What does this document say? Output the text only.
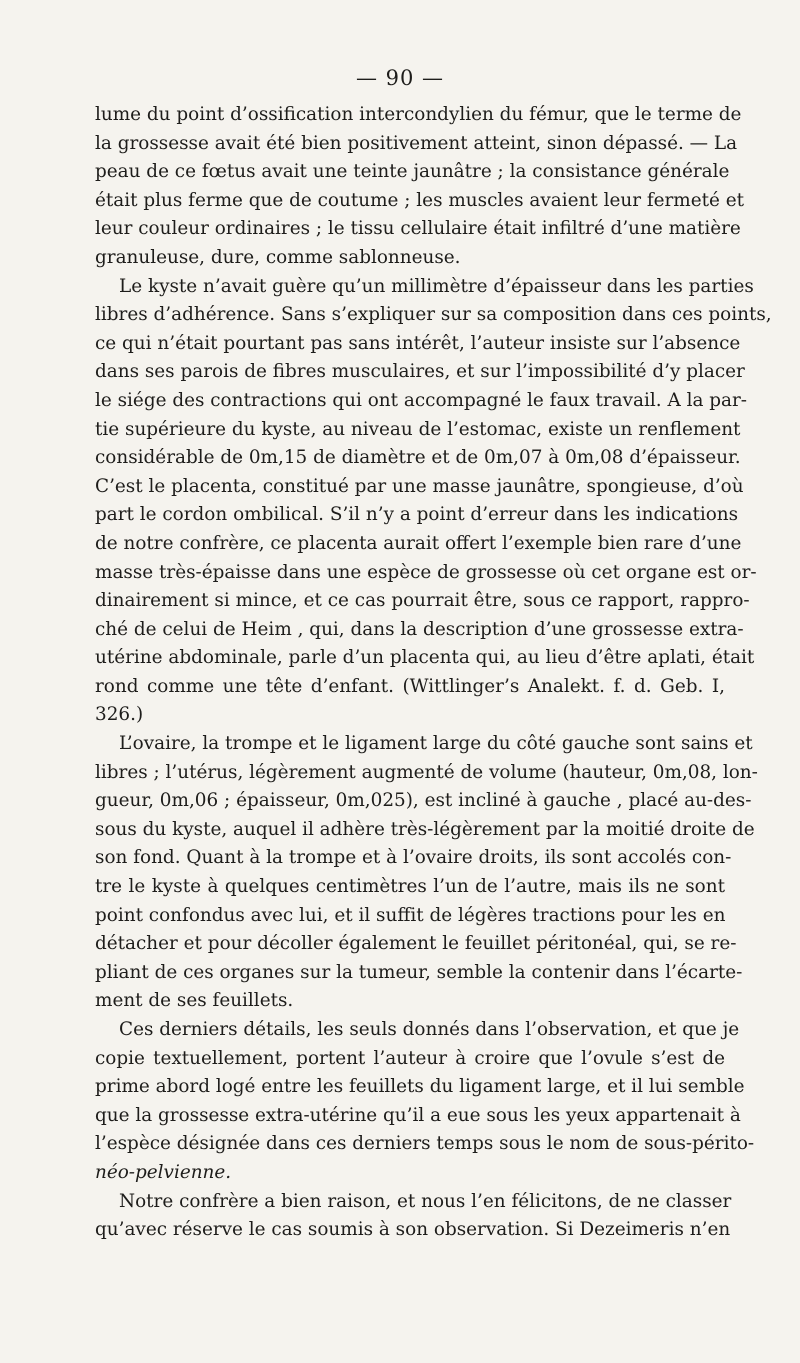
— 90 —

lume du point d’ossification intercondylien du fémur, que le terme de
la grossesse avait été bien positivement atteint, sinon dépassé. — La
peau de ce fœtus avait une teinte jaunâtre ; la consistance générale
était plus ferme que de coutume ; les muscles avaient leur fermeté et
leur couleur ordinaires ; le tissu cellulaire était infiltré d’une matière
granuleuse, dure, comme sablonneuse.

Le kyste n’avait guère qu’un millimètre d’épaisseur dans les parties
libres d’adhérence. Sans s’expliquer sur sa composition dans ces points,
ce qui n’était pourtant pas sans intérêt, l’auteur insiste sur l’absence
dans ses parois de fibres musculaires, et sur l’impossibilité d’y placer
le siége des contractions qui ont accompagné le faux travail. A la par-
tie supérieure du kyste, au niveau de l’estomac, existe un renflement
considérable de 0m,15 de diamètre et de 0m,07 à 0m,08 d’épaisseur.
C’est le placenta, constitué par une masse jaunâtre, spongieuse, d’où
part le cordon ombilical. S’il n’y a point d’erreur dans les indications
de notre confrère, ce placenta aurait offert l’exemple bien rare d’une
masse très-épaisse dans une espèce de grossesse où cet organe est or-
dinairement si mince, et ce cas pourrait être, sous ce rapport, rappro-
ché de celui de Heim , qui, dans la description d’une grossesse extra-
utérine abdominale, parle d’un placenta qui, au lieu d’être aplati, était
rond comme une tête d’enfant. (Wittlinger’s Analekt. f. d. Geb. I,
326.)

L’ovaire, la trompe et le ligament large du côté gauche sont sains et
libres ; l’utérus, légèrement augmenté de volume (hauteur, 0m,08, lon-
gueur, 0m,06 ; épaisseur, 0m,025), est incliné à gauche , placé au-des-
sous du kyste, auquel il adhère très-légèrement par la moitié droite de
son fond. Quant à la trompe et à l’ovaire droits, ils sont accolés con-
tre le kyste à quelques centimètres l’un de l’autre, mais ils ne sont
point confondus avec lui, et il suffit de légères tractions pour les en
détacher et pour décoller également le feuillet péritonéal, qui, se re-
pliant de ces organes sur la tumeur, semble la contenir dans l’écarte-
ment de ses feuillets.

Ces derniers détails, les seuls donnés dans l’observation, et que je
copie textuellement, portent l’auteur à croire que l’ovule s’est de
prime abord logé entre les feuillets du ligament large, et il lui semble
que la grossesse extra-utérine qu’il a eue sous les yeux appartenait à
l’espèce désignée dans ces derniers temps sous le nom de sous-périto-
néo-pelvienne.

Notre confrère a bien raison, et nous l’en félicitons, de ne classer
qu’avec réserve le cas soumis à son observation. Si Dezeimeris n’en
